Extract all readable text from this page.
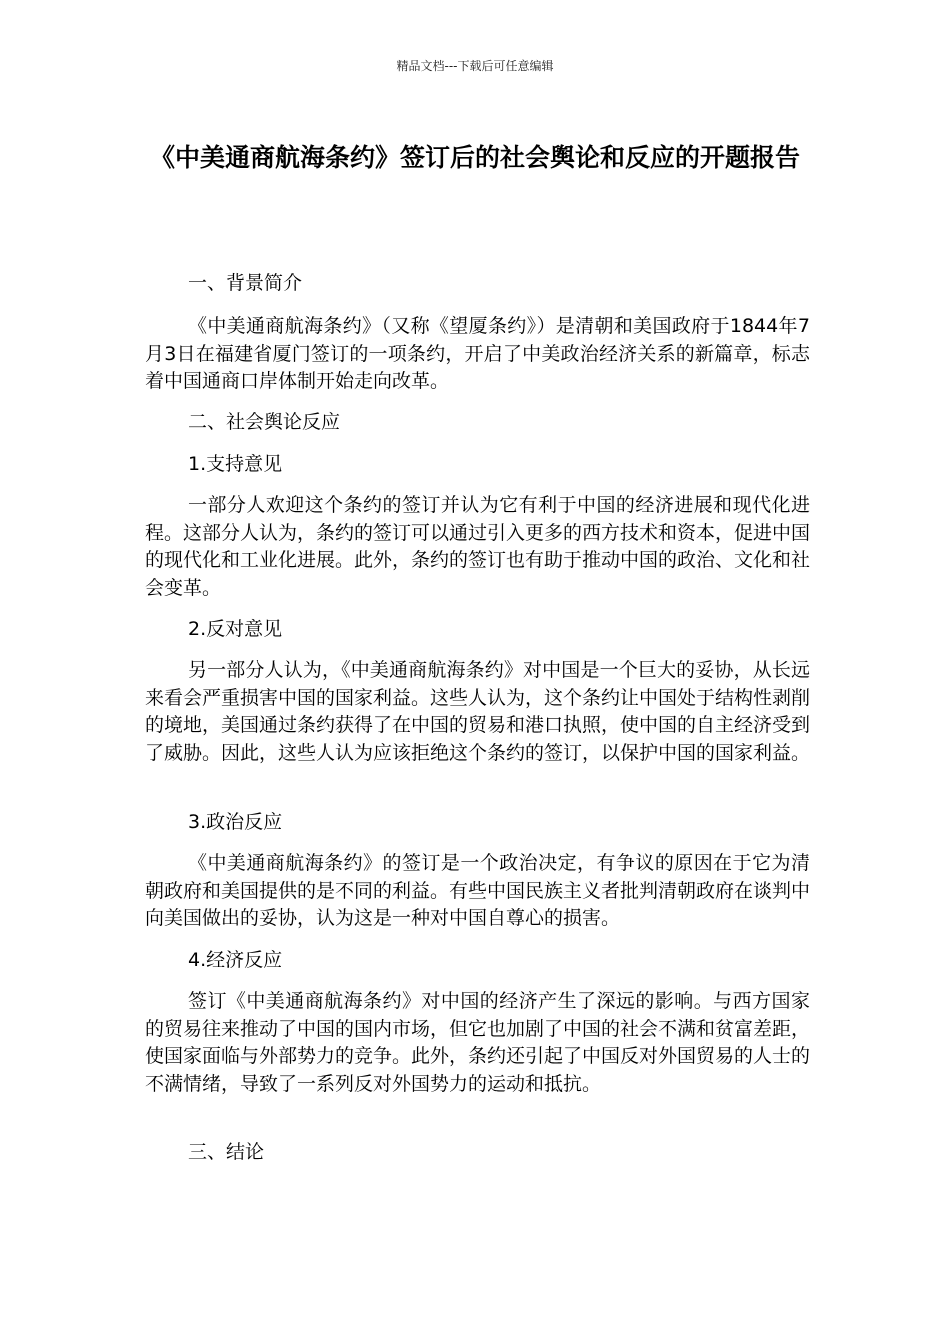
精品文档---下载后可任意编辑
《中美通商航海条约》签订后的社会舆论和反应的开题报告

一、背景简介

《中美通商航海条约》（又称《望厦条约》）是清朝和美国政府于1844年7月3日在福建省厦门签订的一项条约，开启了中美政治经济关系的新篇章，标志着中国通商口岸体制开始走向改革。

二、社会舆论反应

1.支持意见

一部分人欢迎这个条约的签订并认为它有利于中国的经济进展和现代化进程。这部分人认为，条约的签订可以通过引入更多的西方技术和资本，促进中国的现代化和工业化进展。此外，条约的签订也有助于推动中国的政治、文化和社会变革。

2.反对意见

另一部分人认为，《中美通商航海条约》对中国是一个巨大的妥协，从长远来看会严重损害中国的国家利益。这些人认为，这个条约让中国处于结构性剥削的境地，美国通过条约获得了在中国的贸易和港口执照，使中国的自主经济受到了威胁。因此，这些人认为应该拒绝这个条约的签订，以保护中国的国家利益。

3.政治反应

《中美通商航海条约》的签订是一个政治决定，有争议的原因在于它为清朝政府和美国提供的是不同的利益。有些中国民族主义者批判清朝政府在谈判中向美国做出的妥协，认为这是一种对中国自尊心的损害。

4.经济反应

签订《中美通商航海条约》对中国的经济产生了深远的影响。与西方国家的贸易往来推动了中国的国内市场，但它也加剧了中国的社会不满和贫富差距，使国家面临与外部势力的竞争。此外，条约还引起了中国反对外国贸易的人士的不满情绪，导致了一系列反对外国势力的运动和抵抗。

三、结论
